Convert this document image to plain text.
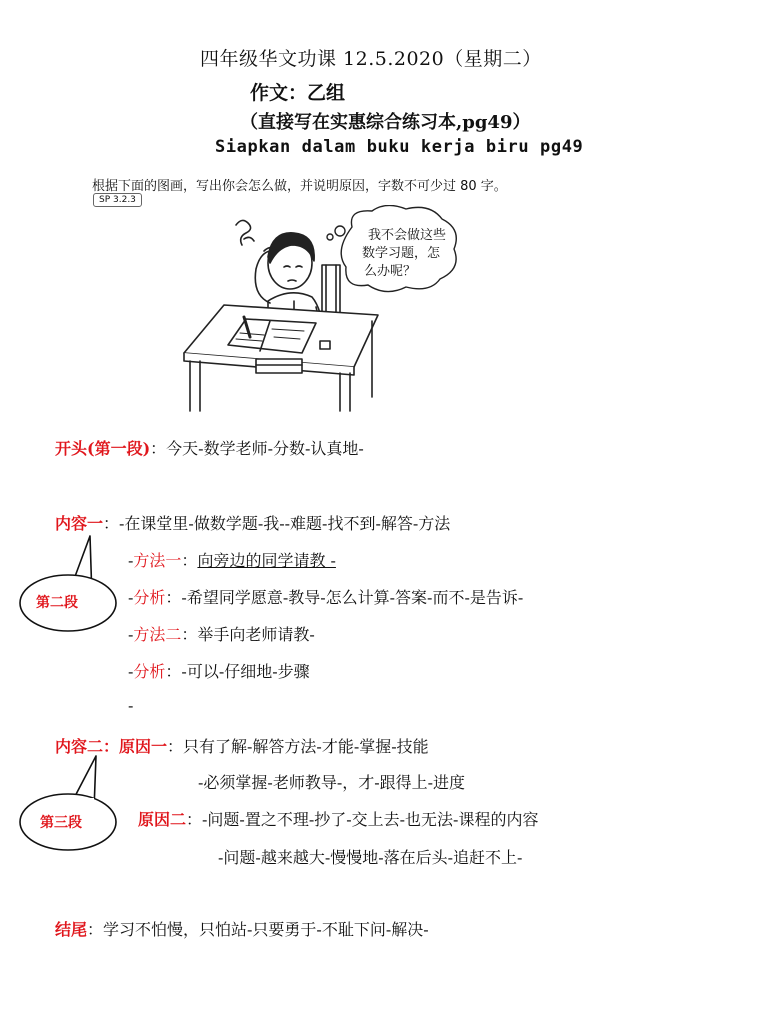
四年级华文功课 12.5.2020（星期二）
作文：乙组
（直接写在实惠综合练习本,pg49）
Siapkan dalam buku kerja biru pg49
根据下面的图画，写出你会怎么做，并说明原因，字数不可少过 80 字。
SP 3.2.3
我不会做这些
数学习题，怎
么办呢？
开头(第一段)：今天-数学老师-分数-认真地-
内容一：-在课堂里-做数学题-我--难题-找不到-解答-方法
-方法一：向旁边的同学请教 -
-分析：-希望同学愿意-教导-怎么计算-答案-而不-是告诉-
-方法二：举手向老师请教-
-分析：-可以-仔细地-步骤
-
内容二：原因一：只有了解-解答方法-才能-掌握-技能
-必须掌握-老师教导-，才-跟得上-进度
原因二：-问题-置之不理-抄了-交上去-也无法-课程的内容
-问题-越来越大-慢慢地-落在后头-追赶不上-
结尾：学习不怕慢，只怕站-只要勇于-不耻下问-解决-
第二段
第三段
